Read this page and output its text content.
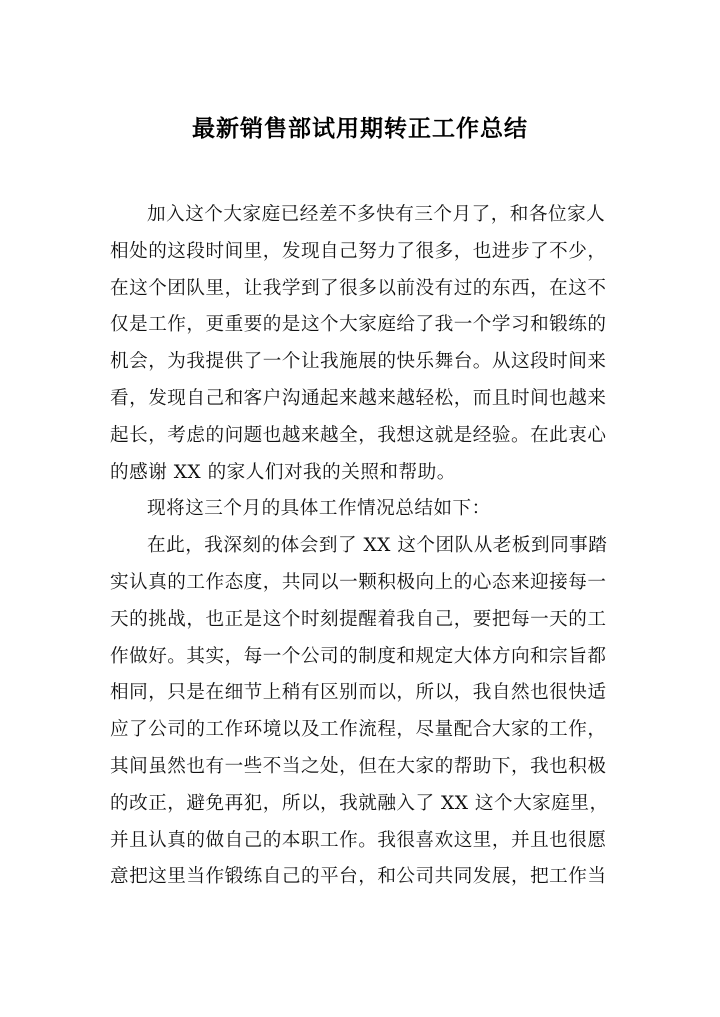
最新销售部试用期转正工作总结

加入这个大家庭已经差不多快有三个月了，和各位家人
相处的这段时间里，发现自己努力了很多，也进步了不少，
在这个团队里，让我学到了很多以前没有过的东西，在这不
仅是工作，更重要的是这个大家庭给了我一个学习和锻练的
机会，为我提供了一个让我施展的快乐舞台。从这段时间来
看，发现自己和客户沟通起来越来越轻松，而且时间也越来
起长，考虑的问题也越来越全，我想这就是经验。在此衷心
的感谢 XX 的家人们对我的关照和帮助。
现将这三个月的具体工作情况总结如下：
在此，我深刻的体会到了 XX 这个团队从老板到同事踏
实认真的工作态度，共同以一颗积极向上的心态来迎接每一
天的挑战，也正是这个时刻提醒着我自己，要把每一天的工
作做好。其实，每一个公司的制度和规定大体方向和宗旨都
相同，只是在细节上稍有区别而以，所以，我自然也很快适
应了公司的工作环境以及工作流程，尽量配合大家的工作，
其间虽然也有一些不当之处，但在大家的帮助下，我也积极
的改正，避免再犯，所以，我就融入了 XX 这个大家庭里，
并且认真的做自己的本职工作。我很喜欢这里，并且也很愿
意把这里当作锻练自己的平台，和公司共同发展，把工作当
